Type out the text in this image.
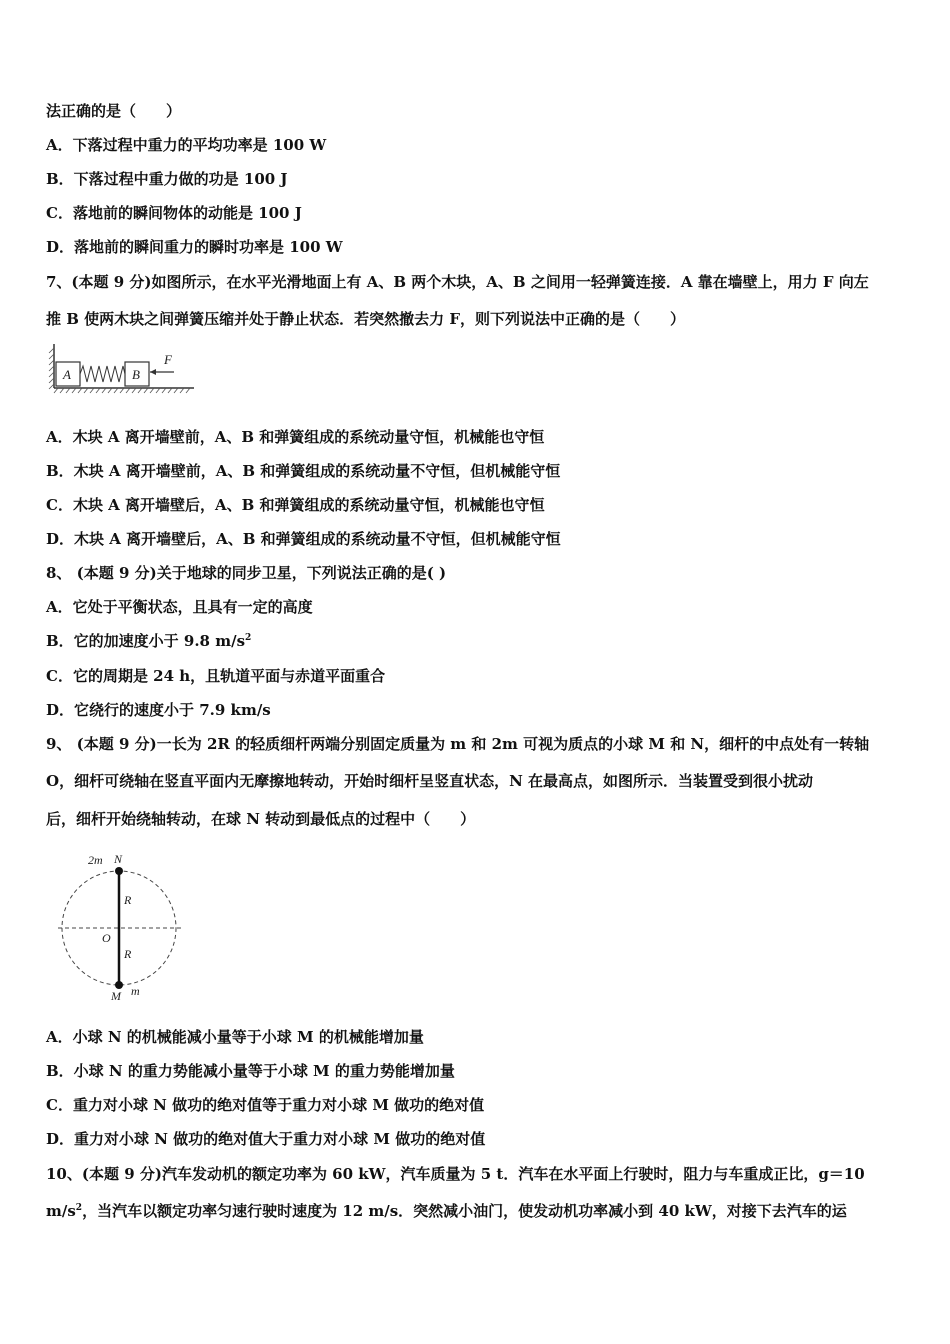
法正确的是（　　）
A．下落过程中重力的平均功率是 100 W
B．下落过程中重力做的功是 100 J
C．落地前的瞬间物体的动能是 100 J
D．落地前的瞬间重力的瞬时功率是 100 W
7、(本题 9 分)如图所示，在水平光滑地面上有 A、B 两个木块，A、B 之间用一轻弹簧连接．A 靠在墙壁上，用力 F 向左
推 B 使两木块之间弹簧压缩并处于静止状态．若突然撤去力 F，则下列说法中正确的是（　　）
A	B
F
A．木块 A 离开墙壁前，A、B 和弹簧组成的系统动量守恒，机械能也守恒
B．木块 A 离开墙壁前，A、B 和弹簧组成的系统动量不守恒，但机械能守恒
C．木块 A 离开墙壁后，A、B 和弹簧组成的系统动量守恒，机械能也守恒
D．木块 A 离开墙壁后，A、B 和弹簧组成的系统动量不守恒，但机械能守恒
8、 (本题 9 分)关于地球的同步卫星，下列说法正确的是( )
A．它处于平衡状态，且具有一定的高度
B．它的加速度小于 9.8 $m/s^2$
C．它的周期是 24 h，且轨道平面与赤道平面重合
D．它绕行的速度小于 7.9 km/s
9、 (本题 9 分)一长为 2R 的轻质细杆两端分别固定质量为 m 和 2m 可视为质点的小球 M 和 N，细杆的中点处有一转轴
O，细杆可绕轴在竖直平面内无摩擦地转动，开始时细杆呈竖直状态，N 在最高点，如图所示．当装置受到很小扰动
后，细杆开始绕轴转动，在球 N 转动到最低点的过程中（　　）
2m N
R
O
R
M m
A．小球 N 的机械能减小量等于小球 M 的机械能增加量
B．小球 N 的重力势能减小量等于小球 M 的重力势能增加量
C．重力对小球 N 做功的绝对值等于重力对小球 M 做功的绝对值
D．重力对小球 N 做功的绝对值大于重力对小球 M 做功的绝对值
10、(本题 9 分)汽车发动机的额定功率为 60 kW，汽车质量为 5 t．汽车在水平面上行驶时，阻力与车重成正比，g＝10
$m/s^2$，当汽车以额定功率匀速行驶时速度为 12 m/s．突然减小油门，使发动机功率减小到 40 kW，对接下去汽车的运
